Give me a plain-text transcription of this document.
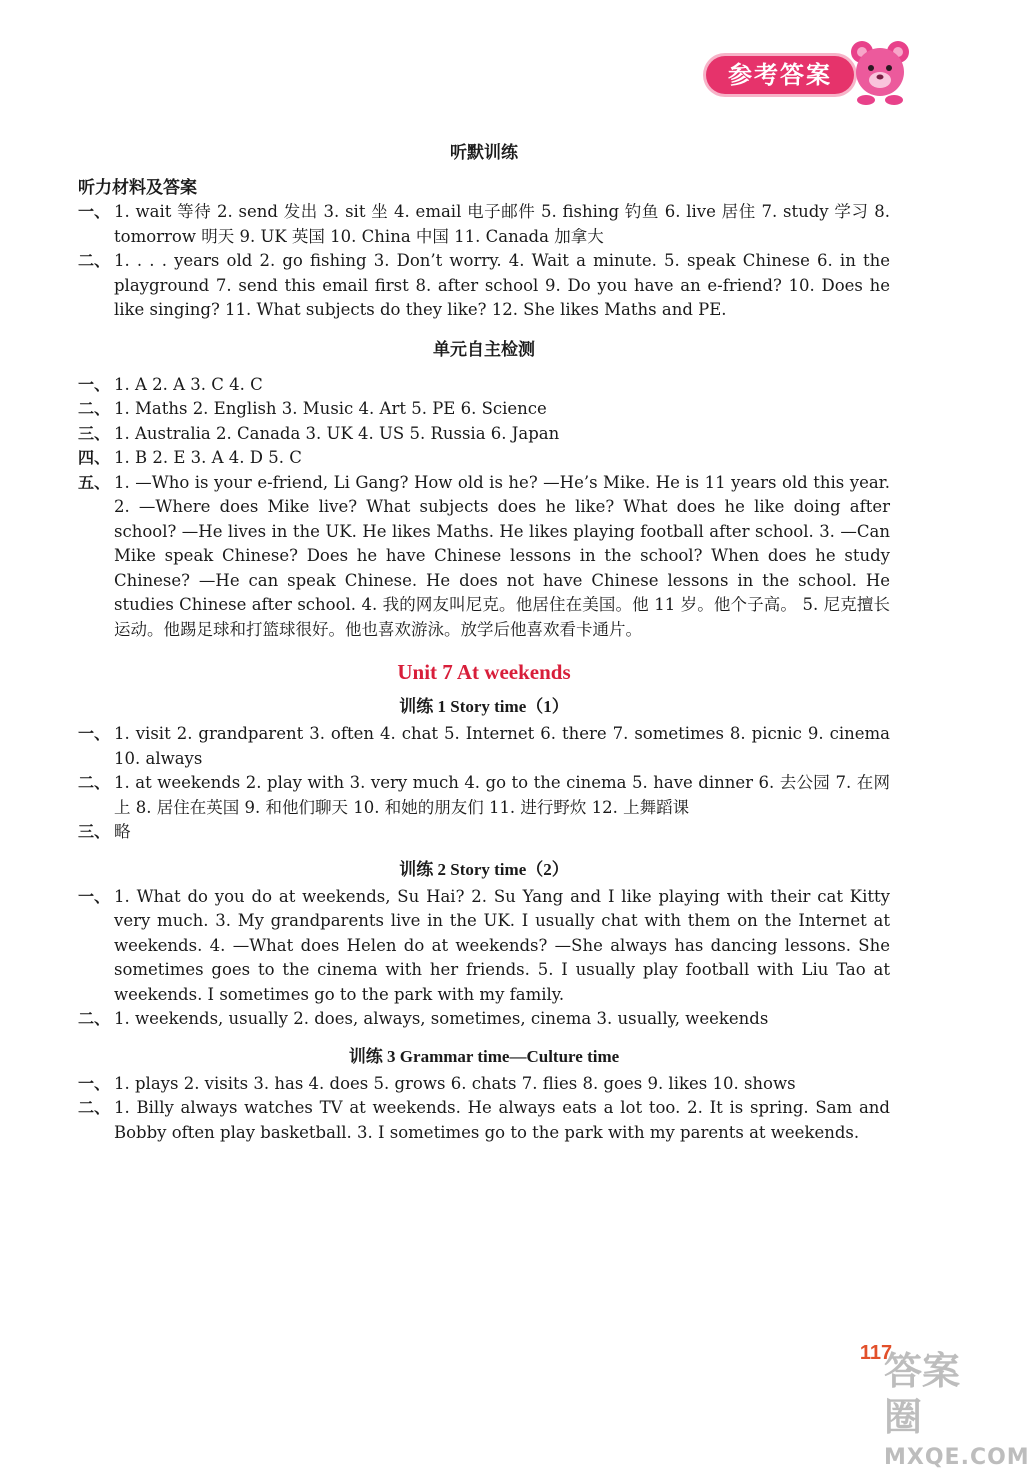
参考答案
听默训练
听力材料及答案
一、 1. wait 等待 2. send 发出 3. sit 坐 4. email 电子邮件 5. fishing 钓鱼 6. live 居住 7. study 学习 8. tomorrow 明天 9. UK 英国 10. China 中国 11. Canada 加拿大
二、 1. . . . years old 2. go fishing 3. Don’t worry. 4. Wait a minute. 5. speak Chinese 6. in the playground 7. send this email first 8. after school 9. Do you have an e-friend? 10. Does he like singing? 11. What subjects do they like? 12. She likes Maths and PE.
单元自主检测
一、 1. A 2. A 3. C 4. C
二、 1. Maths 2. English 3. Music 4. Art 5. PE 6. Science
三、 1. Australia 2. Canada 3. UK 4. US 5. Russia 6. Japan
四、 1. B 2. E 3. A 4. D 5. C
五、 1. —Who is your e-friend, Li Gang? How old is he? —He’s Mike. He is 11 years old this year. 2. —Where does Mike live? What subjects does he like? What does he like doing after school? —He lives in the UK. He likes Maths. He likes playing football after school. 3. —Can Mike speak Chinese? Does he have Chinese lessons in the school? When does he study Chinese? —He can speak Chinese. He does not have Chinese lessons in the school. He studies Chinese after school. 4. 我的网友叫尼克。他居住在美国。他 11 岁。他个子高。 5. 尼克擅长运动。他踢足球和打篮球很好。他也喜欢游泳。放学后他喜欢看卡通片。
Unit 7 At weekends
训练 1 Story time（1）
一、 1. visit 2. grandparent 3. often 4. chat 5. Internet 6. there 7. sometimes 8. picnic 9. cinema 10. always
二、 1. at weekends 2. play with 3. very much 4. go to the cinema 5. have dinner 6. 去公园 7. 在网上 8. 居住在英国 9. 和他们聊天 10. 和她的朋友们 11. 进行野炊 12. 上舞蹈课
三、 略
训练 2 Story time（2）
一、 1. What do you do at weekends, Su Hai? 2. Su Yang and I like playing with their cat Kitty very much. 3. My grandparents live in the UK. I usually chat with them on the Internet at weekends. 4. —What does Helen do at weekends? —She always has dancing lessons. She sometimes goes to the cinema with her friends. 5. I usually play football with Liu Tao at weekends. I sometimes go to the park with my family.
二、 1. weekends, usually 2. does, always, sometimes, cinema 3. usually, weekends
训练 3 Grammar time—Culture time
一、 1. plays 2. visits 3. has 4. does 5. grows 6. chats 7. flies 8. goes 9. likes 10. shows
二、 1. Billy always watches TV at weekends. He always eats a lot too. 2. It is spring. Sam and Bobby often play basketball. 3. I sometimes go to the park with my parents at weekends.
117
答案圈
MXQE.COM
